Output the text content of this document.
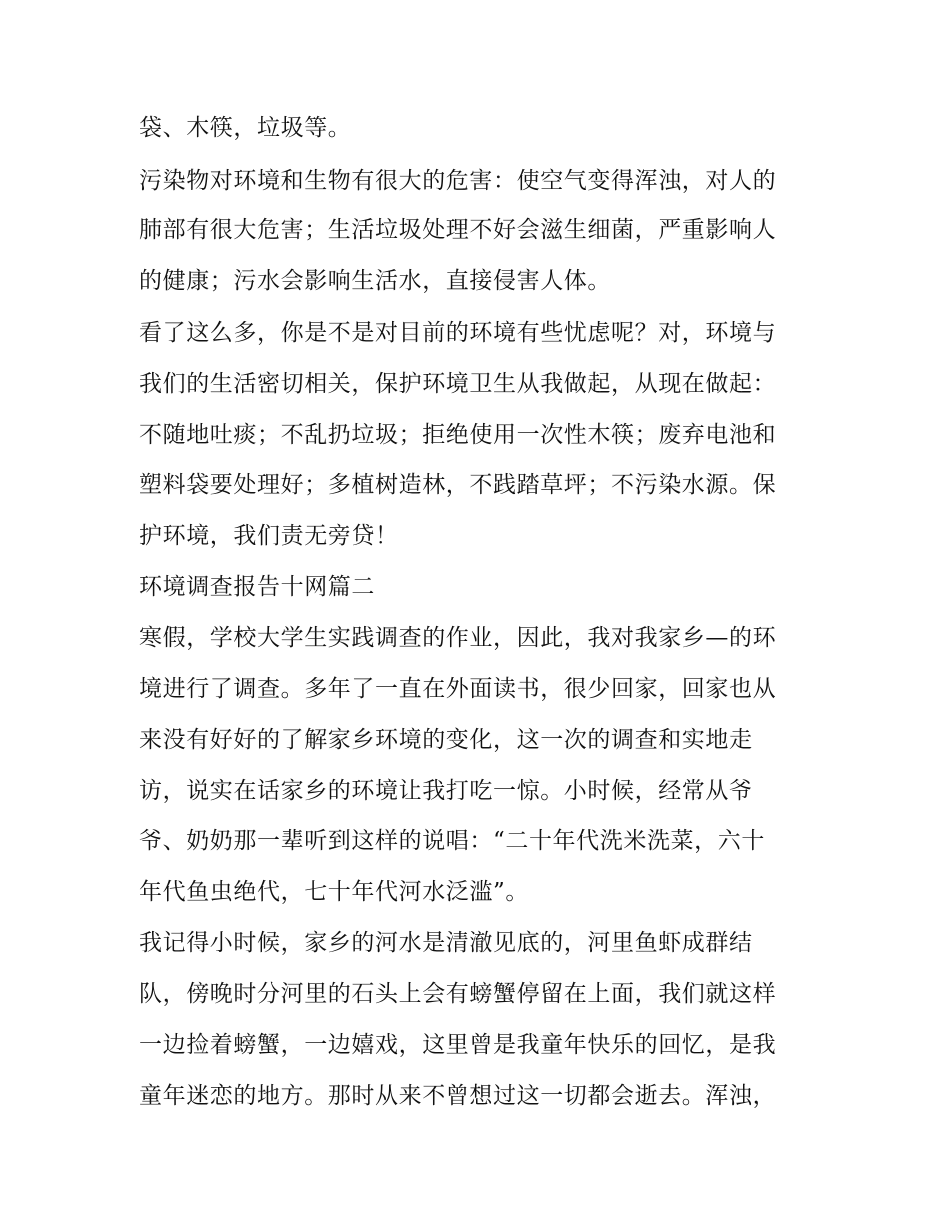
袋、木筷，垃圾等。
污染物对环境和生物有很大的危害：使空气变得浑浊，对人的
肺部有很大危害；生活垃圾处理不好会滋生细菌，严重影响人
的健康；污水会影响生活水，直接侵害人体。
看了这么多，你是不是对目前的环境有些忧虑呢？对，环境与
我们的生活密切相关，保护环境卫生从我做起，从现在做起：
不随地吐痰；不乱扔垃圾；拒绝使用一次性木筷；废弃电池和
塑料袋要处理好；多植树造林，不践踏草坪；不污染水源。保
护环境，我们责无旁贷！
环境调查报告十网篇二
寒假，学校大学生实践调查的作业，因此，我对我家乡—的环
境进行了调查。多年了一直在外面读书，很少回家，回家也从
来没有好好的了解家乡环境的变化，这一次的调查和实地走
访，说实在话家乡的环境让我打吃一惊。小时候，经常从爷
爷、奶奶那一辈听到这样的说唱：“二十年代洗米洗菜，六十
年代鱼虫绝代，七十年代河水泛滥”。
我记得小时候，家乡的河水是清澈见底的，河里鱼虾成群结
队，傍晚时分河里的石头上会有螃蟹停留在上面，我们就这样
一边捡着螃蟹，一边嬉戏，这里曾是我童年快乐的回忆，是我
童年迷恋的地方。那时从来不曾想过这一切都会逝去。浑浊，
